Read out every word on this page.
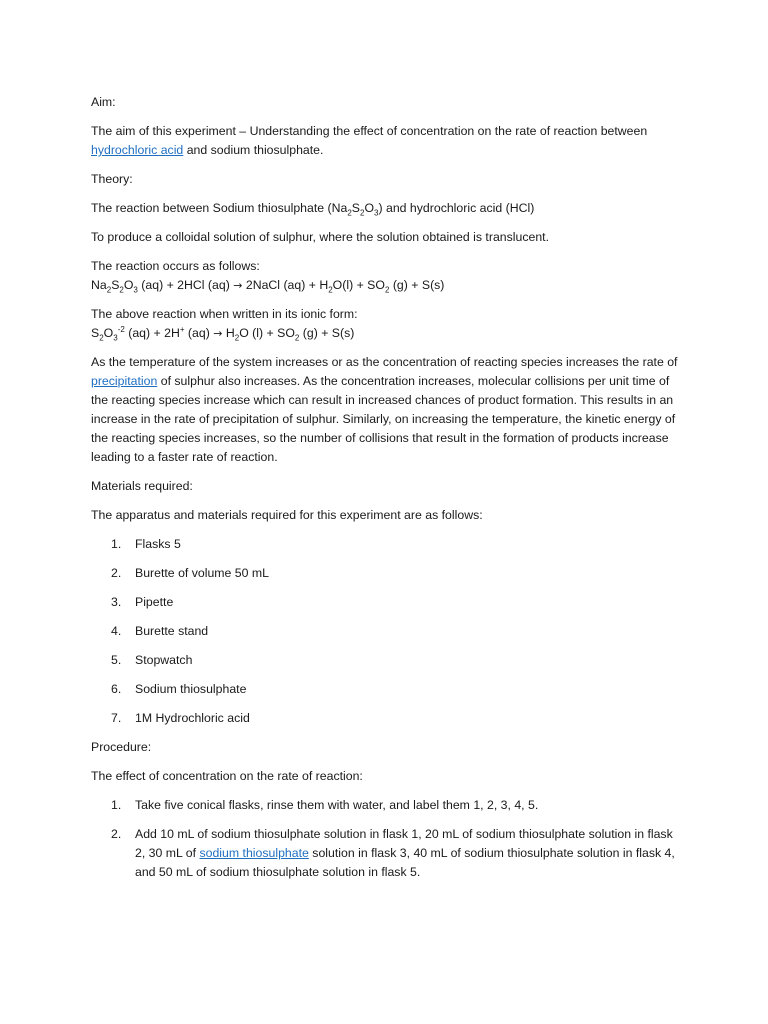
Aim:

The aim of this experiment – Understanding the effect of concentration on the rate of reaction between hydrochloric acid and sodium thiosulphate.

Theory:

The reaction between Sodium thiosulphate $(Na_2S_2O_3)$ and hydrochloric acid (HCl)

To produce a colloidal solution of sulphur, where the solution obtained is translucent.

The reaction occurs as follows:

$Na_2S_2O_3$ (aq) + 2HCl (aq) → 2NaCl $(aq) + H_2O(l) + SO_2$ (g) + S(s)

The above reaction when written in its ionic form:

$S_2O_3^{-2}$ (aq) + 2H+ $(aq) \to H_2O$ $(l) + SO_2$ (g) + S(s)

As the temperature of the system increases or as the concentration of reacting species increases the rate of precipitation of sulphur also increases. As the concentration increases, molecular collisions per unit time of the reacting species increase which can result in increased chances of product formation. This results in an increase in the rate of precipitation of sulphur. Similarly, on increasing the temperature, the kinetic energy of the reacting species increases, so the number of collisions that result in the formation of products increase leading to a faster rate of reaction.

Materials required:

The apparatus and materials required for this experiment are as follows:

1. Flasks 5
2. Burette of volume 50 mL
3. Pipette
4. Burette stand
5. Stopwatch
6. Sodium thiosulphate
7. 1M Hydrochloric acid

Procedure:

The effect of concentration on the rate of reaction:

1. Take five conical flasks, rinse them with water, and label them 1, 2, 3, 4, 5.
2. Add 10 mL of sodium thiosulphate solution in flask 1, 20 mL of sodium thiosulphate solution in flask 2, 30 mL of sodium thiosulphate solution in flask 3, 40 mL of sodium thiosulphate solution in flask 4, and 50 mL of sodium thiosulphate solution in flask 5.
